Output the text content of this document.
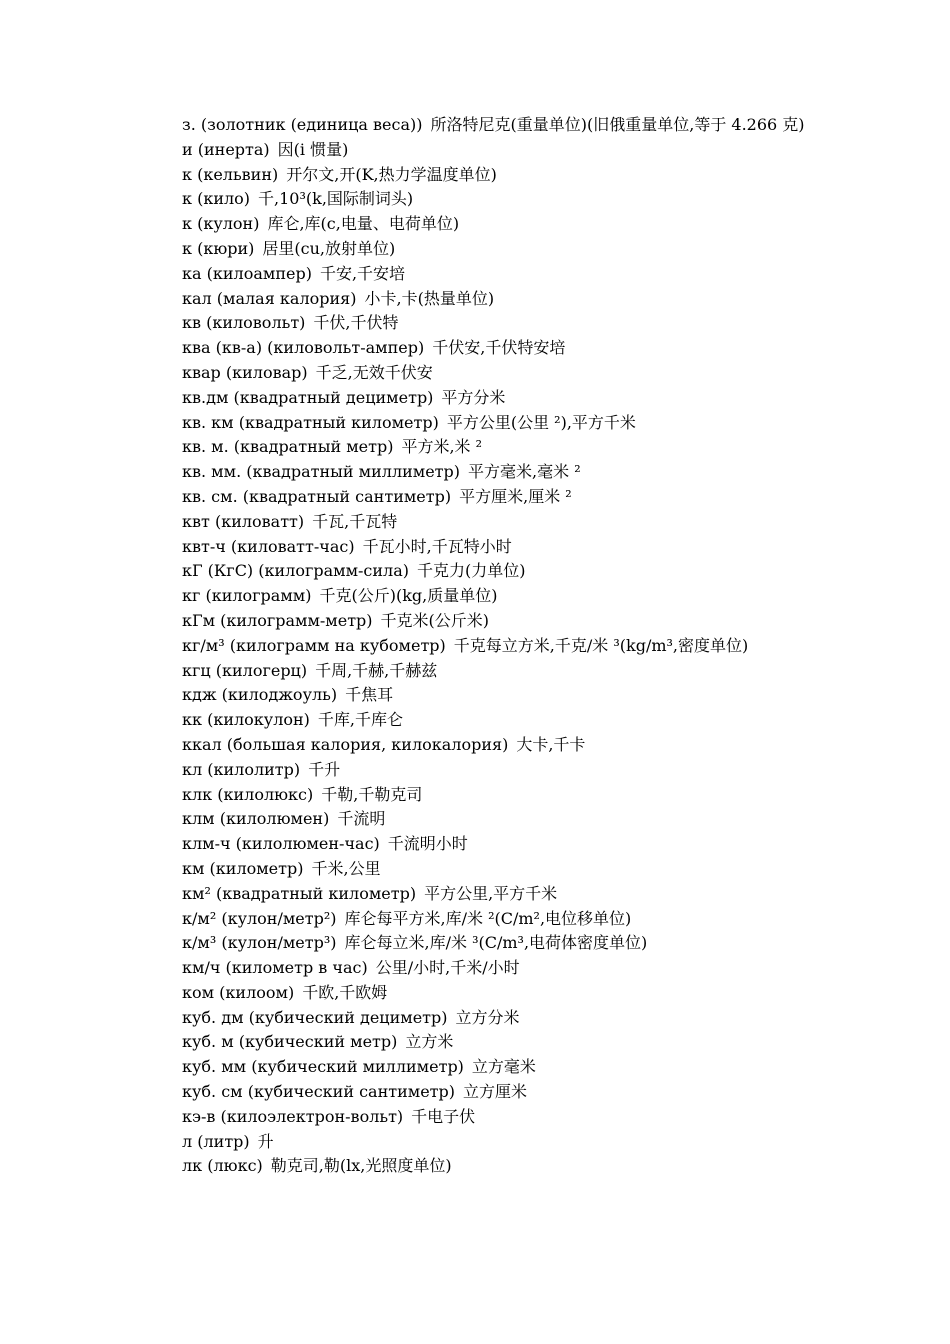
з. (золотник (единица веса)) 所洛特尼克(重量单位)(旧俄重量单位,等于 4.266 克)
и (инерта) 因(i 惯量)
к (кельвин) 开尔文,开(K,热力学温度单位)
к (кило) 千,10³(k,国际制词头)
к (кулон) 库仑,库(c,电量、电荷单位)
к (кюри) 居里(cu,放射单位)
ка (килоампер) 千安,千安培
кал (малая калория) 小卡,卡(热量单位)
кв (киловольт) 千伏,千伏特
ква (кв-а) (киловольт-ампер) 千伏安,千伏特安培
квар (киловар) 千乏,无效千伏安
кв.дм (квадратный дециметр) 平方分米
кв. км (квадратный километр) 平方公里(公里 ²),平方千米
кв. м. (квадратный метр) 平方米,米 ²
кв. мм. (квадратный миллиметр) 平方毫米,毫米 ²
кв. см. (квадратный сантиметр) 平方厘米,厘米 ²
квт (киловатт) 千瓦,千瓦特
квт-ч (киловатт-час) 千瓦小时,千瓦特小时
кГ (КгС) (килограмм-сила) 千克力(力单位)
кг (килограмм) 千克(公斤)(kg,质量单位)
кГм (килограмм-метр) 千克米(公斤米)
кг/м³ (килограмм на кубометр) 千克每立方米,千克/米 ³(kg/m³,密度单位)
кгц (килогерц) 千周,千赫,千赫兹
кдж (килоджоуль) 千焦耳
кк (килокулон) 千库,千库仑
ккал (большая калория, килокалория) 大卡,千卡
кл (килолитр) 千升
клк (килолюкс) 千勒,千勒克司
клм (килолюмен) 千流明
клм-ч (килолюмен-час) 千流明小时
км (километр) 千米,公里
км² (квадратный километр) 平方公里,平方千米
к/м² (кулон/метр²) 库仑每平方米,库/米 ²(C/m²,电位移单位)
к/м³ (кулон/метр³) 库仑每立米,库/米 ³(C/m³,电荷体密度单位)
км/ч (километр в час) 公里/小时,千米/小时
ком (килоом) 千欧,千欧姆
куб. дм (кубический дециметр) 立方分米
куб. м (кубический метр) 立方米
куб. мм (кубический миллиметр) 立方毫米
куб. см (кубический сантиметр) 立方厘米
кэ-в (килоэлектрон-вольт) 千电子伏
л (литр) 升
лк (люкс) 勒克司,勒(lx,光照度单位)
